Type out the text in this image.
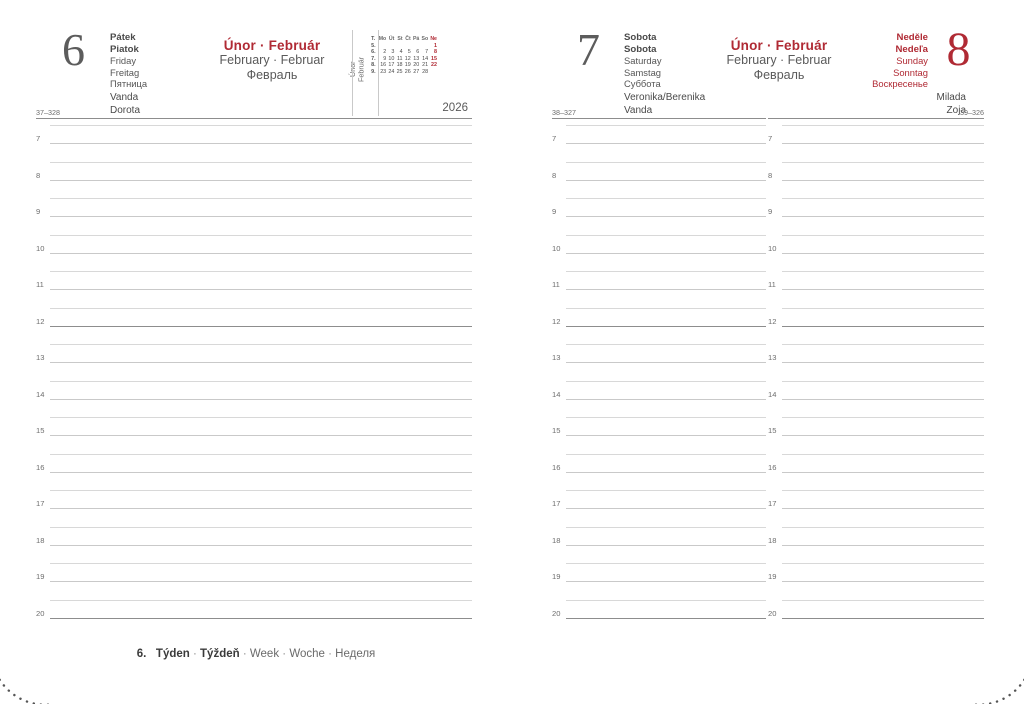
6	Pátek
Piatok
Friday
Freitag
Пятница
Únor · Február
February · Februar
Февраль	Únor
Február
T.	Mo	Út	St	Čt	Pá	So	Ne
5.							1
6.	2	3	4	5	6	7	8
7.	9	10	11	12	13	14	15
8.	16	17	18	19	20	21	22
9.	23	24	25	26	27	28	
Vanda
Dorota
37–328	2026
7
8
9
10
11
12
13
14
15
16
17
18
19
20
6. Týden · Týždeň · Week · Woche · Неделя
7	Sobota
Sobota
Saturday
Samstag
Суббота
Únor · Február
February · Februar
Февраль
Neděle
Nedeľa
Sunday
Sonntag
Воскресенье
8
Veronika/Berenika
Vanda
Milada
Zoja
38–327	39–326
7
8
9
10
11
12
13
14
15
16
17
18
19
20
7
8
9
10
11
12
13
14
15
16
17
18
19
20
